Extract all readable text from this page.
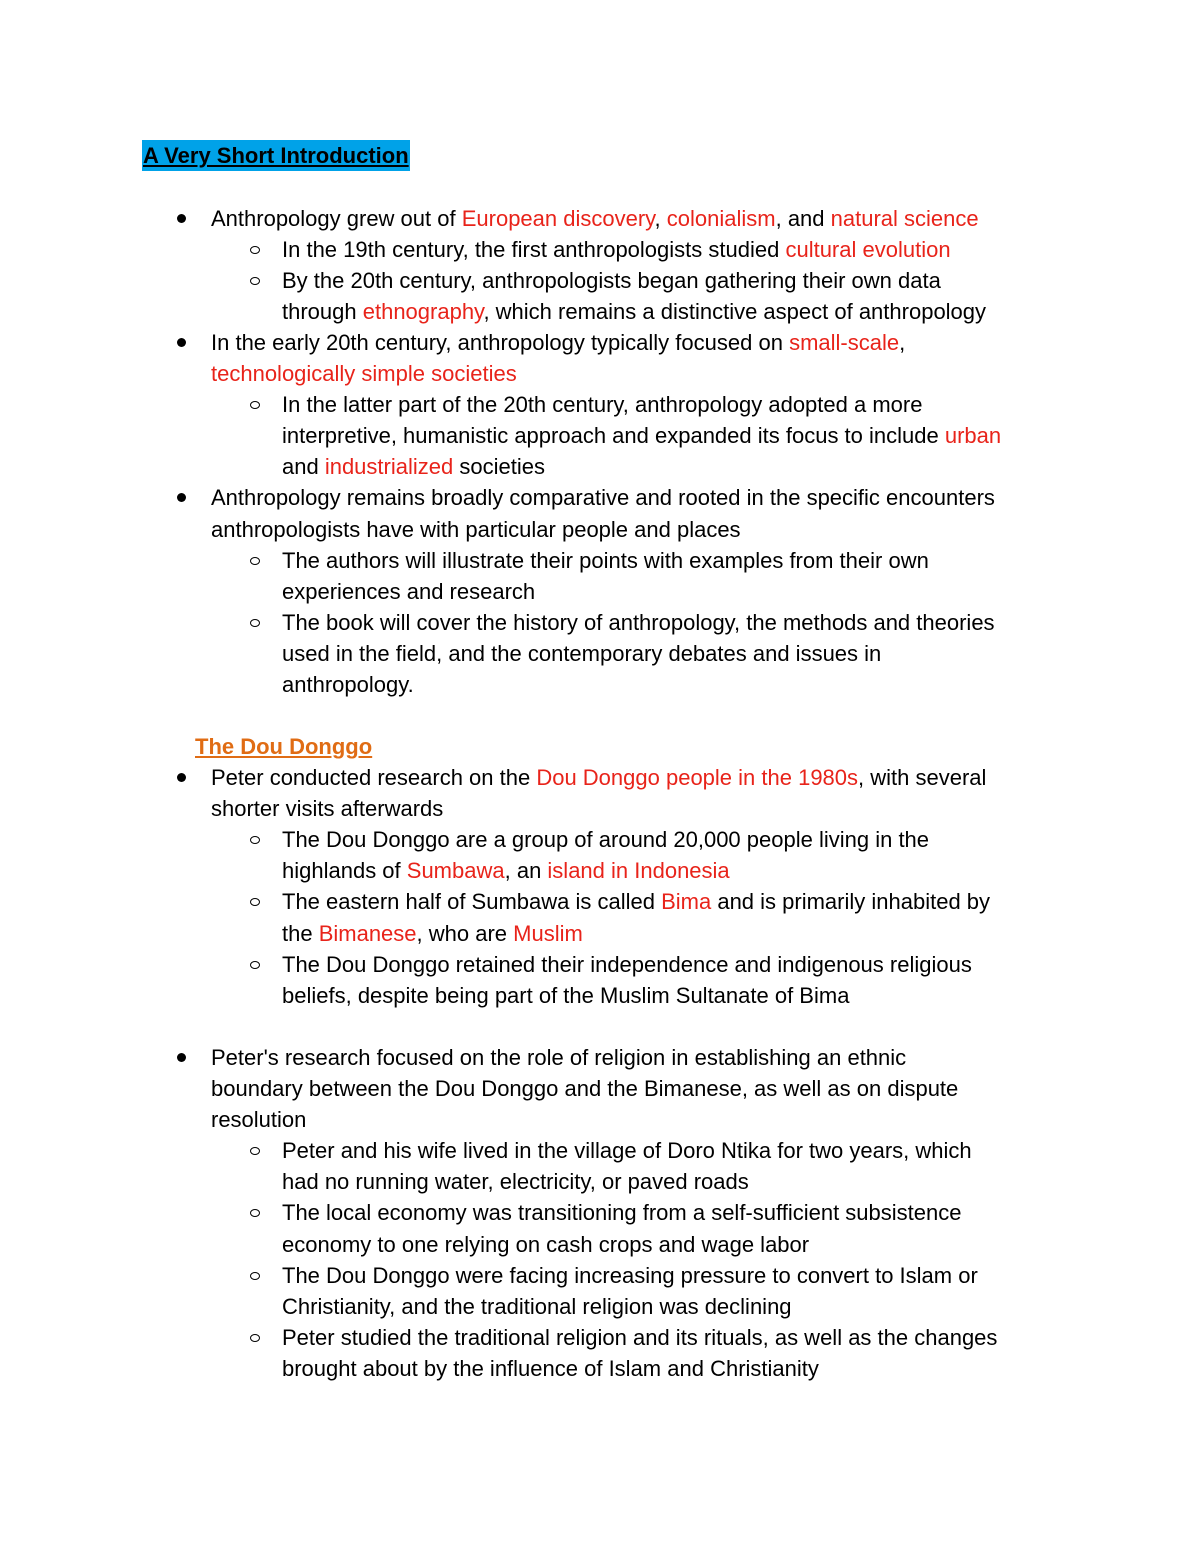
A Very Short Introduction
Anthropology grew out of European discovery, colonialism, and natural science
In the 19th century, the first anthropologists studied cultural evolution
By the 20th century, anthropologists began gathering their own data
through ethnography, which remains a distinctive aspect of anthropology
In the early 20th century, anthropology typically focused on small-scale,
technologically simple societies
In the latter part of the 20th century, anthropology adopted a more
interpretive, humanistic approach and expanded its focus to include urban
and industrialized societies
Anthropology remains broadly comparative and rooted in the specific encounters
anthropologists have with particular people and places
The authors will illustrate their points with examples from their own
experiences and research
The book will cover the history of anthropology, the methods and theories
used in the field, and the contemporary debates and issues in
anthropology.
The Dou Donggo
Peter conducted research on the Dou Donggo people in the 1980s, with several
shorter visits afterwards
The Dou Donggo are a group of around 20,000 people living in the
highlands of Sumbawa, an island in Indonesia
The eastern half of Sumbawa is called Bima and is primarily inhabited by
the Bimanese, who are Muslim
The Dou Donggo retained their independence and indigenous religious
beliefs, despite being part of the Muslim Sultanate of Bima
Peter's research focused on the role of religion in establishing an ethnic
boundary between the Dou Donggo and the Bimanese, as well as on dispute
resolution
Peter and his wife lived in the village of Doro Ntika for two years, which
had no running water, electricity, or paved roads
The local economy was transitioning from a self-sufficient subsistence
economy to one relying on cash crops and wage labor
The Dou Donggo were facing increasing pressure to convert to Islam or
Christianity, and the traditional religion was declining
Peter studied the traditional religion and its rituals, as well as the changes
brought about by the influence of Islam and Christianity
